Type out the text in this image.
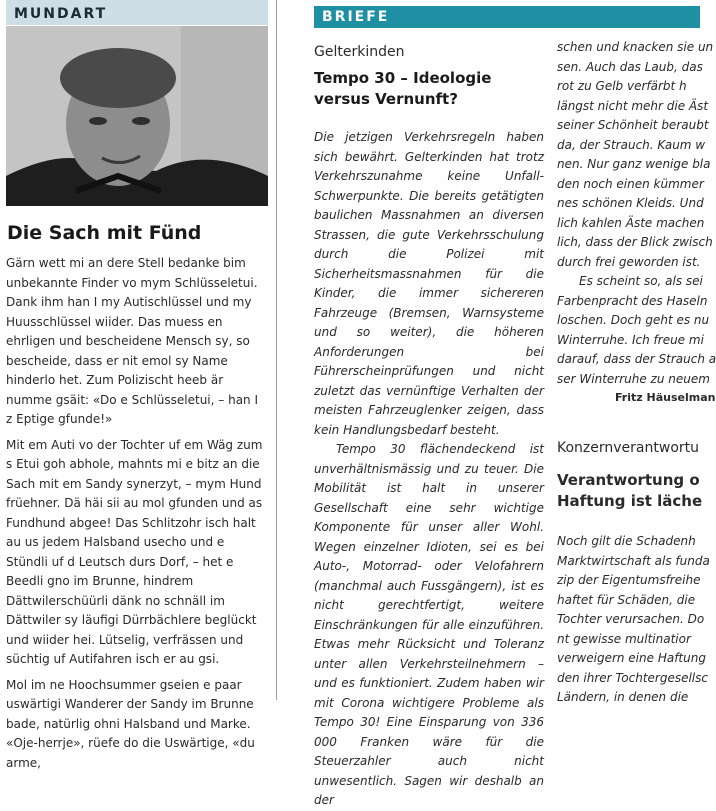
MUNDART
Die Sach mit Fünd

Gärn wett mi an dere Stell bedanke bim unbekannte Finder vo mym Schlüsseletui. Dank ihm han I my Autischlüssel und my Huusschlüssel wiider. Das muess en ehrligen und bescheidene Mensch sy, so bescheide, dass er nit emol sy Name hinderlo het. Zum Polizischt heeb är numme gsäit: «Do e Schlüsseletui, – han I z Eptige gfunde!»

Mit em Auti vo der Tochter uf em Wäg zum s Etui goh abhole, mahnts mi e bitz an die Sach mit em Sandy synerzyt, – mym Hund früehner. Dä häi sii au mol gfunden und as Fundhund abgee! Das Schlitzohr isch halt au us jedem Halsband usecho und e Stündli uf d Leutsch durs Dorf, – het e Beedli gno im Brunne, hindrem Dättwilerschüürli dänk no schnäll im Dättwiler sy läufigi Dürrbächlere beglückt und wiider hei. Lütselig, verfrässen und süchtig uf Autifahren isch er au gsi.

Mol im ne Hoochsummer gseien e paar uswärtigi Wanderer der Sandy im Brunne bade, natürlig ohni Halsband und Marke. «Oje-herrje», rüefe do die Uswärtige, «du arme,

BRIEFE
Gelterkinden
Tempo 30 – Ideologie versus Vernunft?

Die jetzigen Verkehrsregeln haben sich bewährt. Gelterkinden hat trotz Verkehrszunahme keine Unfall-Schwerpunkte. Die bereits getätigten baulichen Massnahmen an diversen Strassen, die gute Verkehrsschulung durch die Polizei mit Sicherheitsmassnahmen für die Kinder, die immer sichereren Fahrzeuge (Bremsen, Warnsysteme und so weiter), die höheren Anforderungen bei Führerscheinprüfungen und nicht zuletzt das vernünftige Verhalten der meisten Fahrzeuglenker zeigen, dass kein Handlungsbedarf besteht.

Tempo 30 flächendeckend ist unverhältnismässig und zu teuer. Die Mobilität ist halt in unserer Gesellschaft eine sehr wichtige Komponente für unser aller Wohl. Wegen einzelner Idioten, sei es bei Auto-, Motorrad- oder Velofahrern (manchmal auch Fussgängern), ist es nicht gerechtfertigt, weitere Einschränkungen für alle einzuführen. Etwas mehr Rücksicht und Toleranz unter allen Verkehrsteilnehmern – und es funktioniert. Zudem haben wir mit Corona wichtigere Probleme als Tempo 30! Eine Einsparung von 336 000 Franken wäre für die Steuerzahler auch nicht unwesentlich. Sagen wir deshalb an der

schen und knacken sie un
sen. Auch das Laub, das
rot zu Gelb verfärbt h
längst nicht mehr die Äst
seiner Schönheit beraubt
da, der Strauch. Kaum w
nen. Nur ganz wenige bla
den noch einen kümmer
nes schönen Kleids. Und
lich kahlen Äste machen
lich, dass der Blick zwisch
durch frei geworden ist.
Es scheint so, als sei
Farbenpracht des Haseln
loschen. Doch geht es nu
Winterruhe. Ich freue mi
darauf, dass der Strauch a
ser Winterruhe zu neuem
Fritz Häuselman
Konzernverantwortu
Verantwortung o
Haftung ist läche
Noch gilt die Schadenh
Marktwirtschaft als funda
zip der Eigentumsfreihe
haftet für Schäden, die
Tochter verursachen. Do
nt gewisse multinatior
verweigern eine Haftung
den ihrer Tochtergesellsc
Ländern, in denen die
